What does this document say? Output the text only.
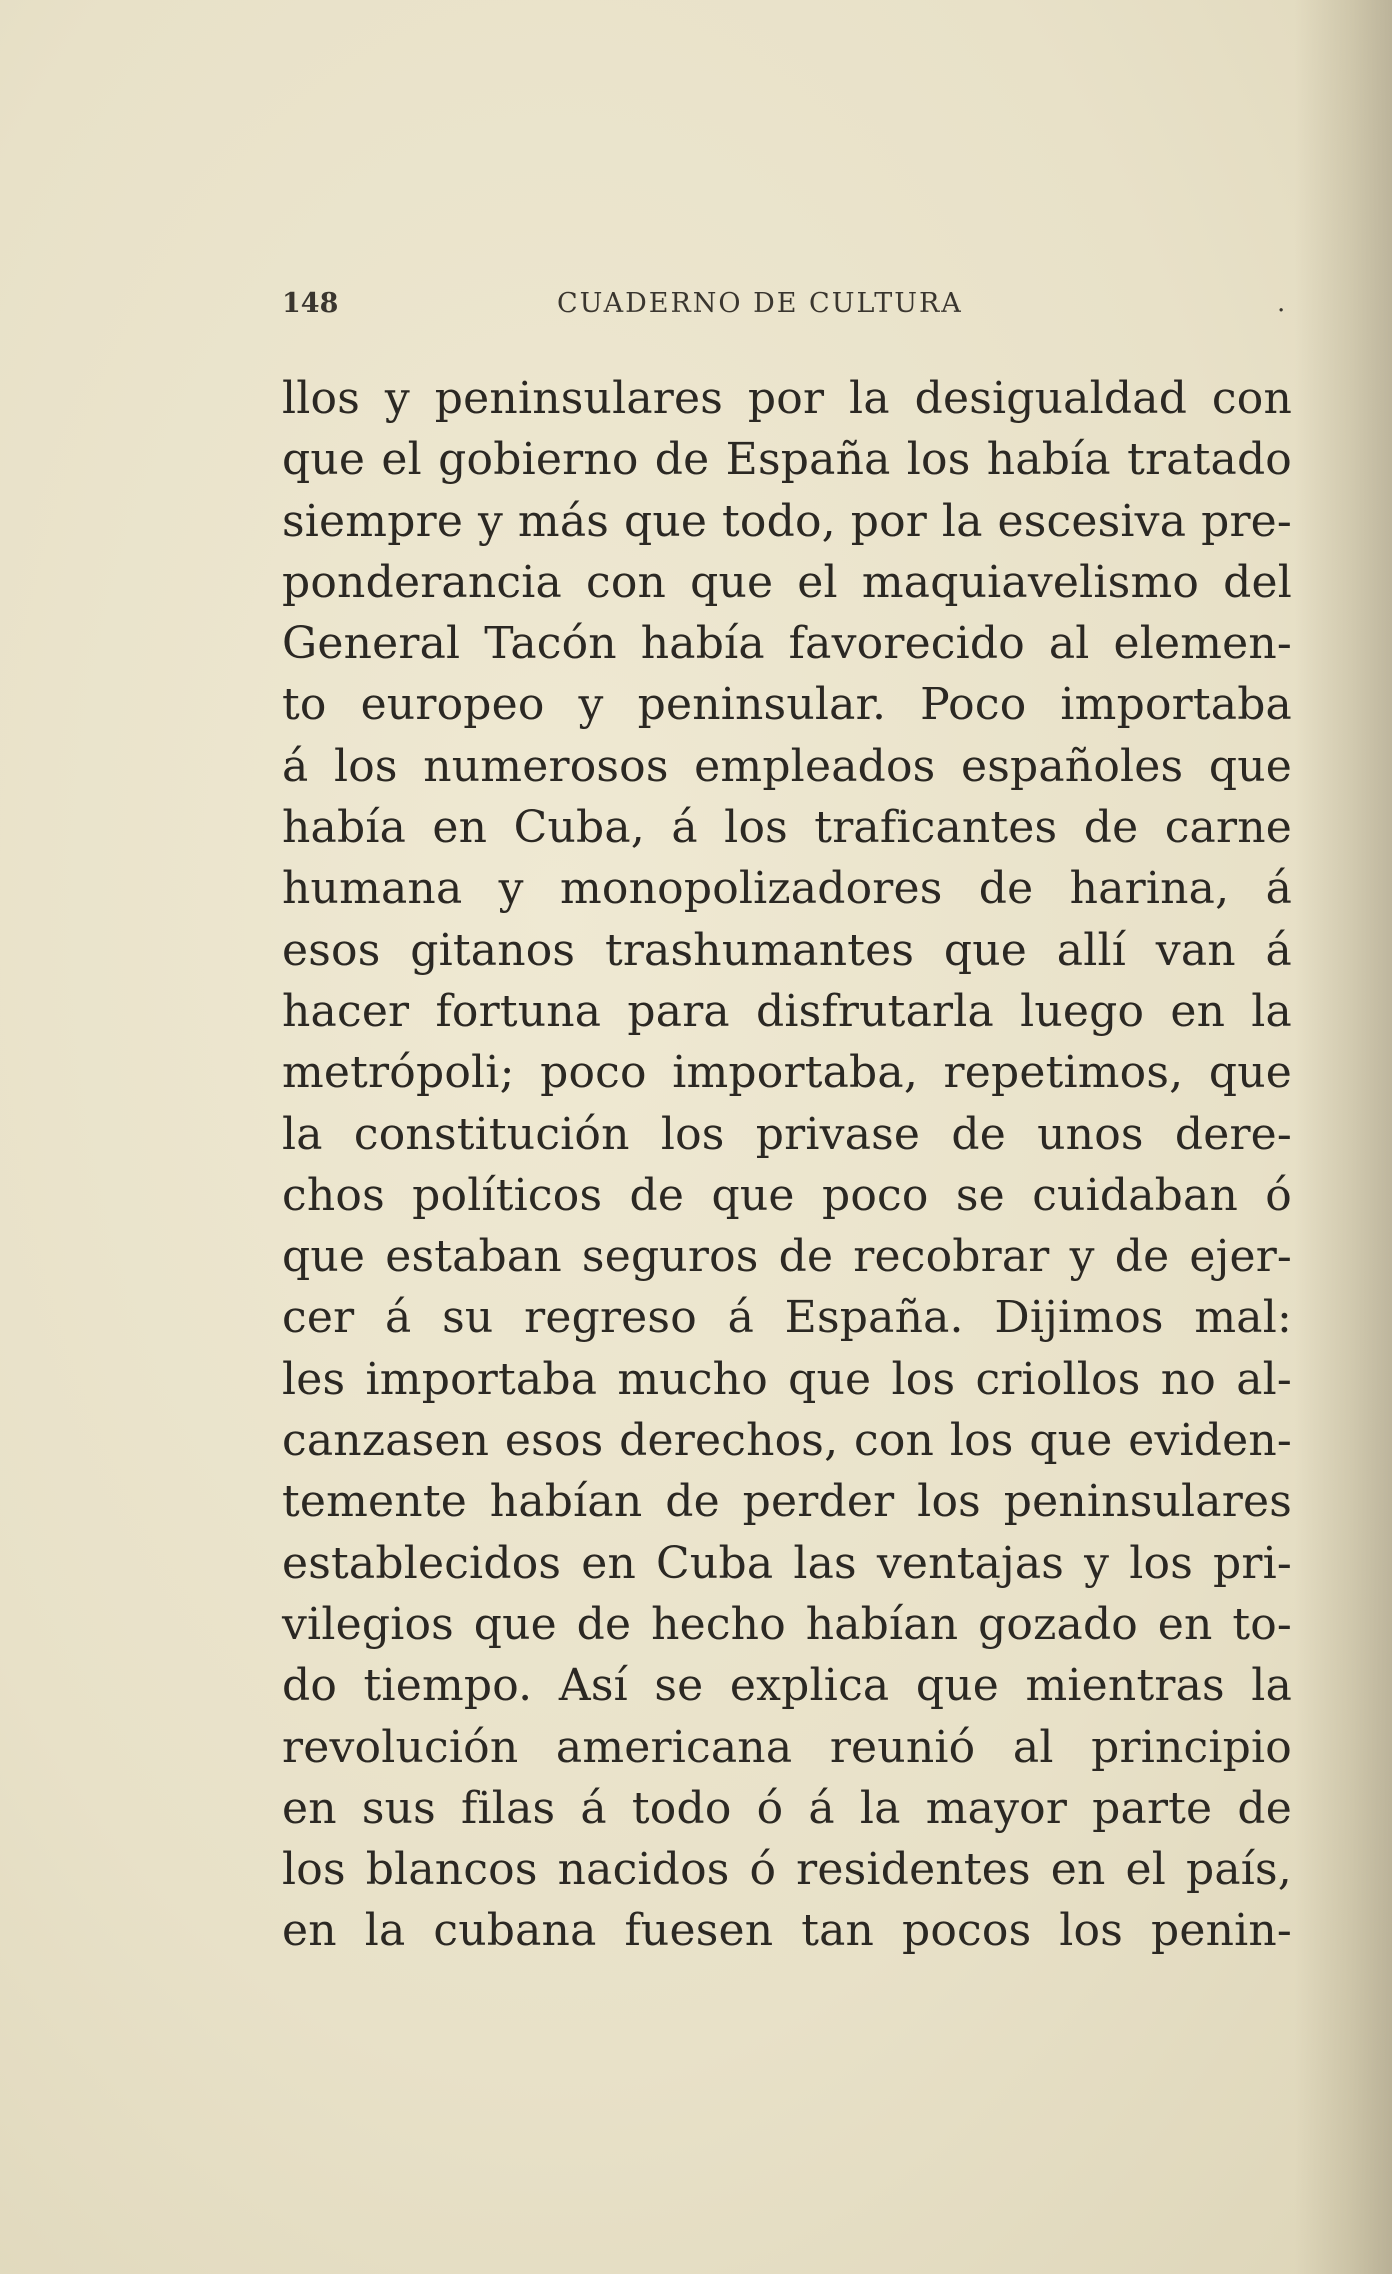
148	CUADERNO DE CULTURA	.
llos y peninsulares por la desigualdad con
que el gobierno de España los había tratado
siempre y más que todo, por la escesiva pre-
ponderancia con que el maquiavelismo del
General Tacón había favorecido al elemen-
to europeo y peninsular. Poco importaba
á los numerosos empleados españoles que
había en Cuba, á los traficantes de carne
humana y monopolizadores de harina, á
esos gitanos trashumantes que allí van á
hacer fortuna para disfrutarla luego en la
metrópoli; poco importaba, repetimos, que
la constitución los privase de unos dere-
chos políticos de que poco se cuidaban ó
que estaban seguros de recobrar y de ejer-
cer á su regreso á España. Dijimos mal:
les importaba mucho que los criollos no al-
canzasen esos derechos, con los que eviden-
temente habían de perder los peninsulares
establecidos en Cuba las ventajas y los pri-
vilegios que de hecho habían gozado en to-
do tiempo. Así se explica que mientras la
revolución americana reunió al principio
en sus filas á todo ó á la mayor parte de
los blancos nacidos ó residentes en el país,
en la cubana fuesen tan pocos los penin-
